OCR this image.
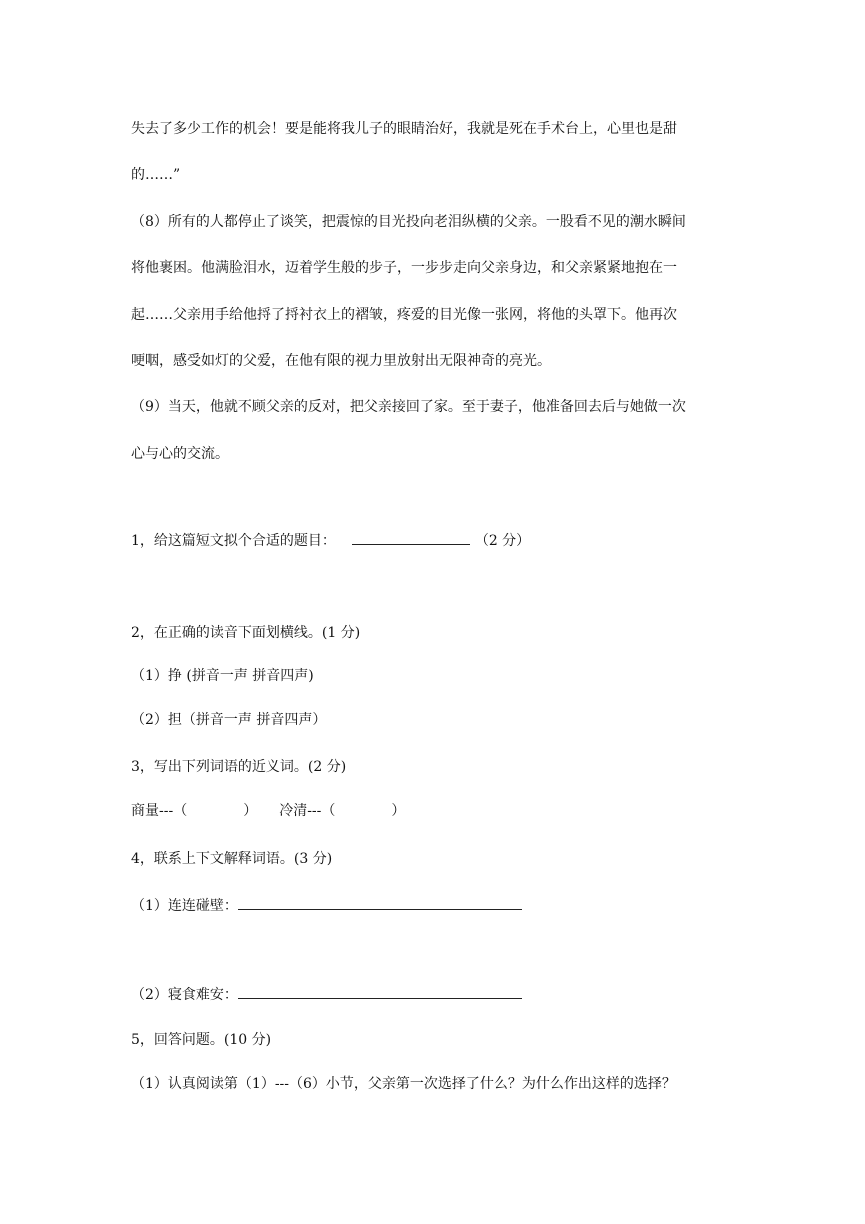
失去了多少工作的机会！要是能将我儿子的眼睛治好，我就是死在手术台上，心里也是甜
的……”
（8）所有的人都停止了谈笑，把震惊的目光投向老泪纵横的父亲。一股看不见的潮水瞬间
将他裹困。他满脸泪水，迈着学生般的步子，一步步走向父亲身边，和父亲紧紧地抱在一
起……父亲用手给他捋了捋衬衣上的褶皱，疼爱的目光像一张网，将他的头罩下。他再次
哽咽，感受如灯的父爱，在他有限的视力里放射出无限神奇的亮光。
（9）当天，他就不顾父亲的反对，把父亲接回了家。至于妻子，他准备回去后与她做一次
心与心的交流。
1，给这篇短文拟个合适的题目：	（2 分）
2，在正确的读音下面划横线。(1 分)
（1）挣 (拼音一声 拼音四声)
（2）担（拼音一声 拼音四声）
3，写出下列词语的近义词。(2 分)
商量---（	） 冷清---（	）
4，联系上下文解释词语。(3 分)
（1）连连碰壁：
（2）寝食难安：
5，回答问题。(10 分)
（1）认真阅读第（1）---（6）小节，父亲第一次选择了什么？为什么作出这样的选择？
